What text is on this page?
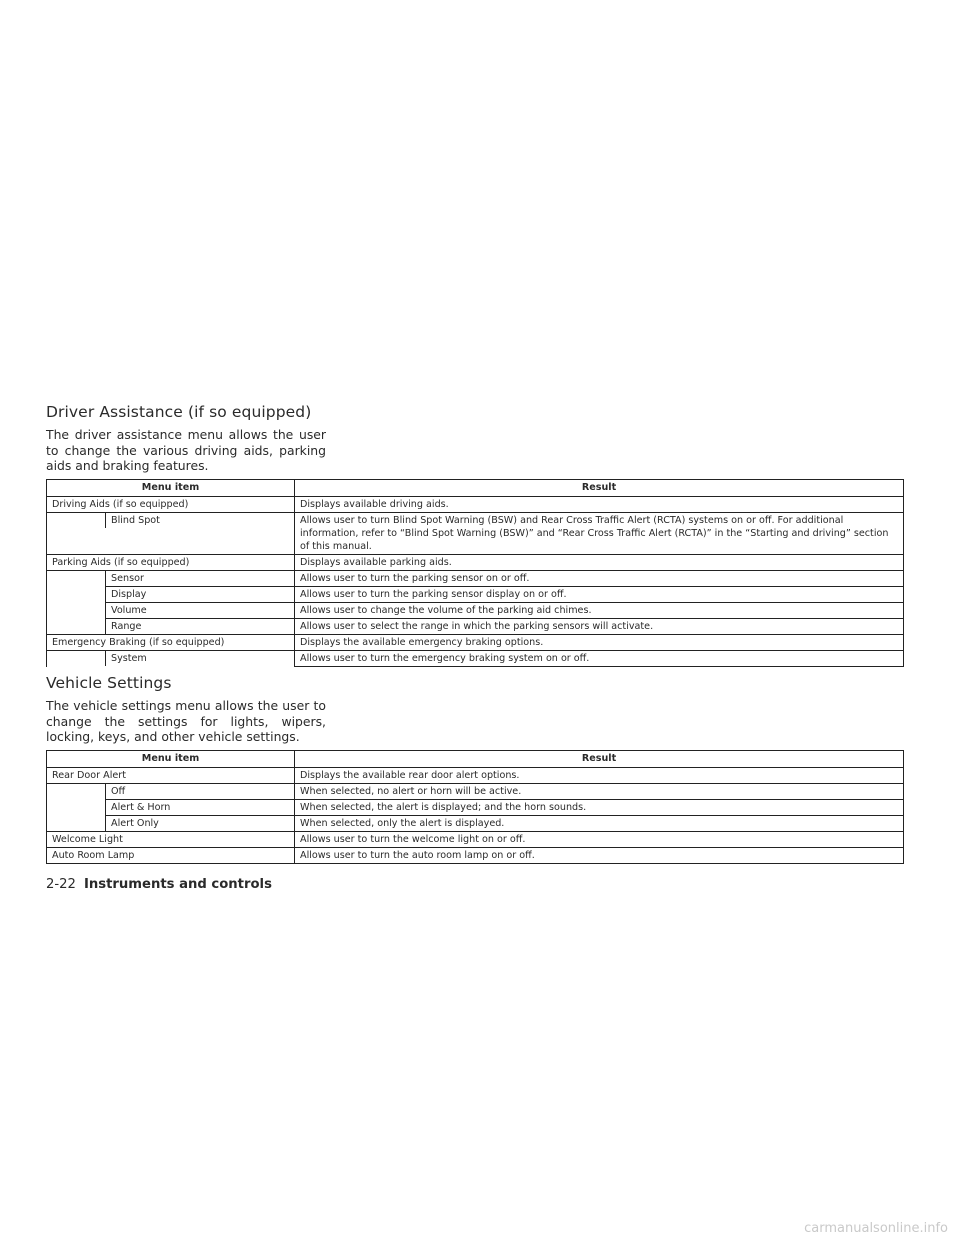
Driver Assistance (if so equipped)
The driver assistance menu allows the user to change the various driving aids, parking aids and braking features.
Menu item	Result
Driving Aids (if so equipped)	Displays available driving aids.

Blind Spot	Allows user to turn Blind Spot Warning (BSW) and Rear Cross Traffic Alert (RCTA) systems on or off. For additional information, refer to “Blind Spot Warning (BSW)” and “Rear Cross Traffic Alert (RCTA)” in the “Starting and driving” section of this manual.
Parking Aids (if so equipped)	Displays available parking aids.

Sensor	Allows user to turn the parking sensor on or off.

Display	Allows user to turn the parking sensor display on or off.

Volume	Allows user to change the volume of the parking aid chimes.

Range	Allows user to select the range in which the parking sensors will activate.
Emergency Braking (if so equipped)	Displays the available emergency braking options.

System	Allows user to turn the emergency braking system on or off.
Vehicle Settings
The vehicle settings menu allows the user to change the settings for lights, wipers, locking, keys, and other vehicle settings.
Menu item	Result
Rear Door Alert	Displays the available rear door alert options.

Off	When selected, no alert or horn will be active.

Alert & Horn	When selected, the alert is displayed; and the horn sounds.

Alert Only	When selected, only the alert is displayed.
Welcome Light	Allows user to turn the welcome light on or off.
Auto Room Lamp	Allows user to turn the auto room lamp on or off.
2-22 Instruments and controls
carmanualsonline.info
